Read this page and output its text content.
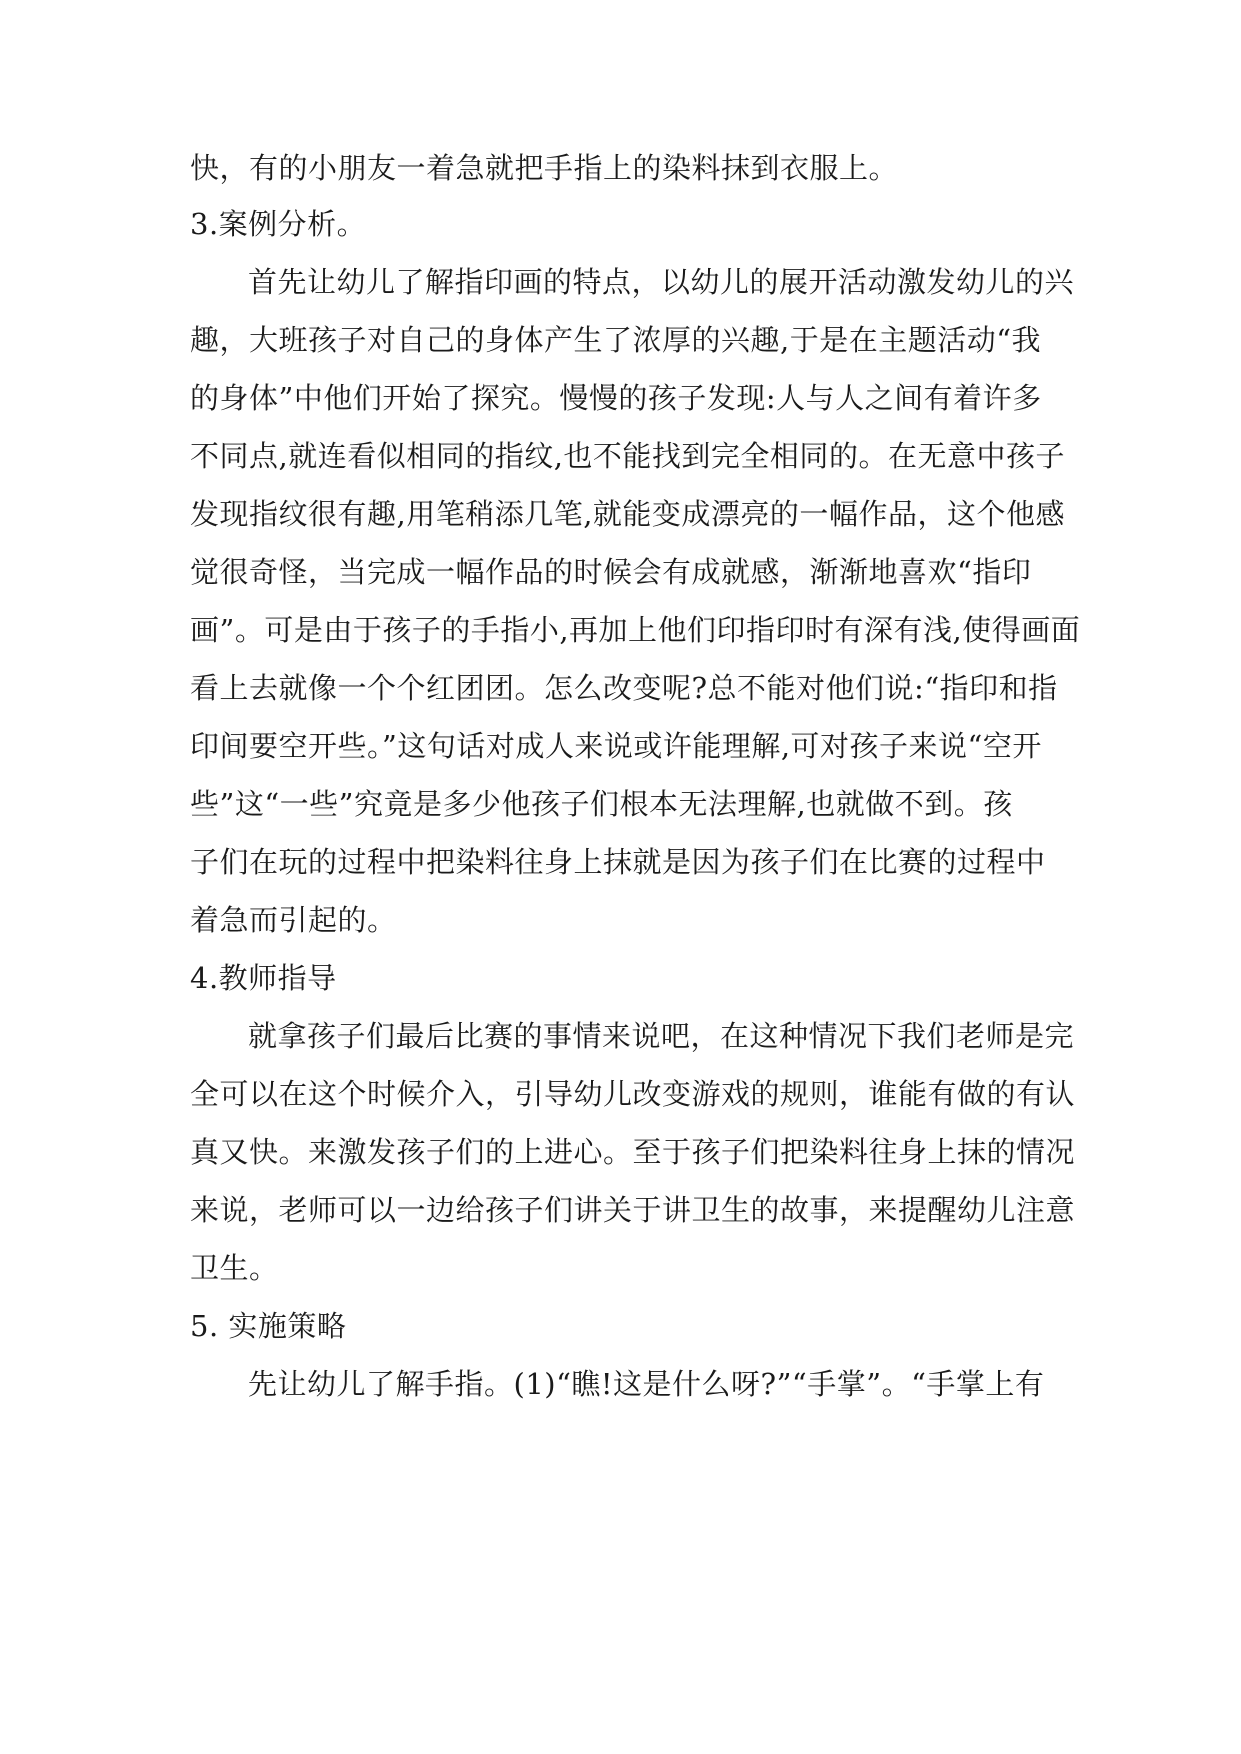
快，有的小朋友一着急就把手指上的染料抹到衣服上。
3.案例分析。
首先让幼儿了解指印画的特点，以幼儿的展开活动激发幼儿的兴
趣，大班孩子对自己的身体产生了浓厚的兴趣,于是在主题活动“我
的身体”中他们开始了探究。慢慢的孩子发现:人与人之间有着许多
不同点,就连看似相同的指纹,也不能找到完全相同的。在无意中孩子
发现指纹很有趣,用笔稍添几笔,就能变成漂亮的一幅作品，这个他感
觉很奇怪，当完成一幅作品的时候会有成就感，渐渐地喜欢“指印
画”。可是由于孩子的手指小,再加上他们印指印时有深有浅,使得画面
看上去就像一个个红团团。怎么改变呢?总不能对他们说:“指印和指
印间要空开些。”这句话对成人来说或许能理解,可对孩子来说“空开
些”这“一些”究竟是多少他孩子们根本无法理解,也就做不到。孩
子们在玩的过程中把染料往身上抹就是因为孩子们在比赛的过程中
着急而引起的。
4.教师指导
就拿孩子们最后比赛的事情来说吧，在这种情况下我们老师是完
全可以在这个时候介入，引导幼儿改变游戏的规则，谁能有做的有认
真又快。来激发孩子们的上进心。至于孩子们把染料往身上抹的情况
来说，老师可以一边给孩子们讲关于讲卫生的故事，来提醒幼儿注意
卫生。
5. 实施策略
先让幼儿了解手指。(1)“瞧!这是什么呀?”“手掌”。“手掌上有
